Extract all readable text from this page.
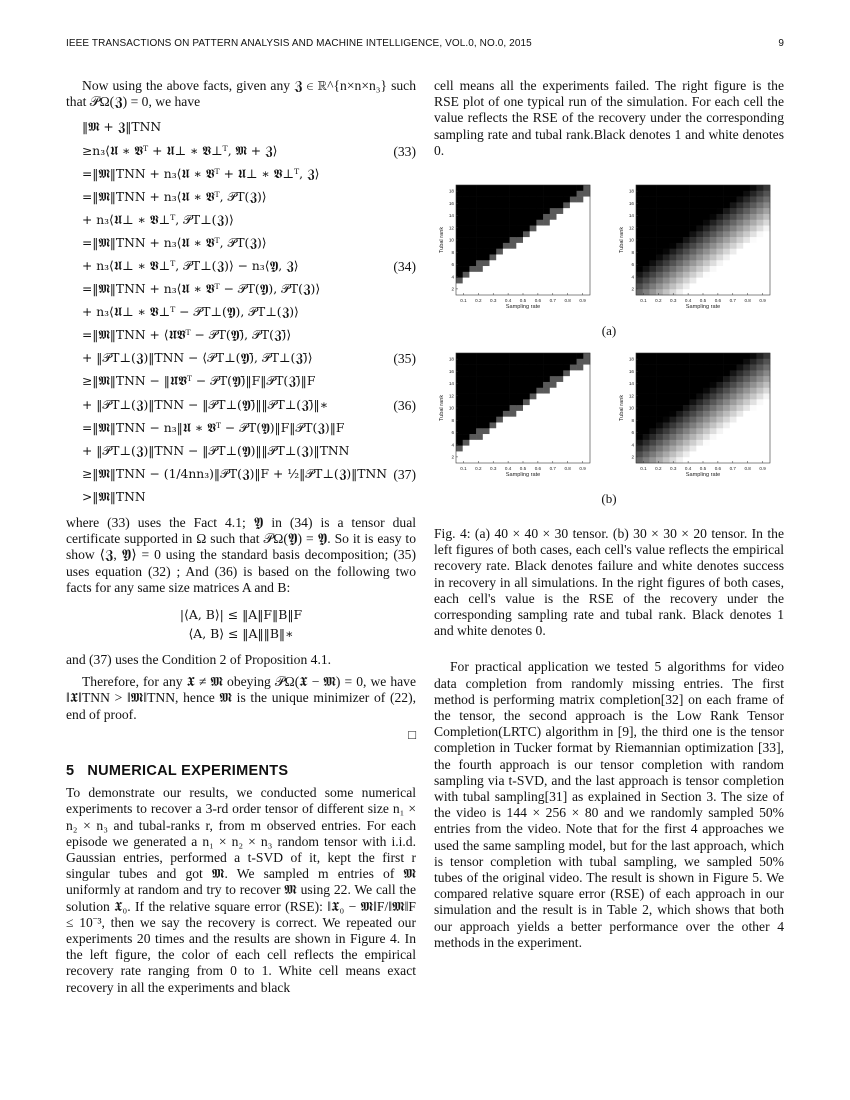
IEEE TRANSACTIONS ON PATTERN ANALYSIS AND MACHINE INTELLIGENCE, VOL.0, NO.0, 2015	9

Now using the above facts, given any 𝖅 ∈ ℝ^{n×n×n₃} such that 𝒫Ω(𝖅) = 0, we have

‖𝕸 + 𝖅‖TNN
≥n₃⟨𝖀 ∗ 𝖁ᵀ + 𝖀⊥ ∗ 𝖁⊥ᵀ, 𝕸 + 𝖅⟩	(33)
=‖𝕸‖TNN + n₃⟨𝖀 ∗ 𝖁ᵀ + 𝖀⊥ ∗ 𝖁⊥ᵀ, 𝖅⟩
=‖𝕸‖TNN + n₃⟨𝖀 ∗ 𝖁ᵀ, 𝒫T(𝖅)⟩
+ n₃⟨𝖀⊥ ∗ 𝖁⊥ᵀ, 𝒫T⊥(𝖅)⟩
=‖𝕸‖TNN + n₃⟨𝖀 ∗ 𝖁ᵀ, 𝒫T(𝖅)⟩
+ n₃⟨𝖀⊥ ∗ 𝖁⊥ᵀ, 𝒫T⊥(𝖅)⟩ − n₃⟨𝖄, 𝖅⟩	(34)
=‖𝕸‖TNN + n₃⟨𝖀 ∗ 𝖁ᵀ − 𝒫T(𝖄), 𝒫T(𝖅)⟩
+ n₃⟨𝖀⊥ ∗ 𝖁⊥ᵀ − 𝒫T⊥(𝖄), 𝒫T⊥(𝖅)⟩
=‖𝕸‖TNN + ⟨𝖀̄𝖁̄ᵀ − 𝒫T(𝖄)̄, 𝒫T(𝖅)̄⟩
+ ‖𝒫T⊥(𝖅)‖TNN − ⟨𝒫T⊥(𝖄)̄, 𝒫T⊥(𝖅)̄⟩	(35)
≥‖𝕸‖TNN − ‖𝖀̄𝖁̄ᵀ − 𝒫T(𝖄)̄‖F‖𝒫T(𝖅)̄‖F
+ ‖𝒫T⊥(𝖅)‖TNN − ‖𝒫T⊥(𝖄)̄‖‖𝒫T⊥(𝖅)̄‖∗	(36)
=‖𝕸‖TNN − n₃‖𝖀 ∗ 𝖁ᵀ − 𝒫T(𝖄)‖F‖𝒫T(𝖅)‖F
+ ‖𝒫T⊥(𝖅)‖TNN − ‖𝒫T⊥(𝖄)‖‖𝒫T⊥(𝖅)‖TNN
≥‖𝕸‖TNN − (1/4nn₃)‖𝒫T(𝖅)‖F + ½‖𝒫T⊥(𝖅)‖TNN (37)
>‖𝕸‖TNN

where (33) uses the Fact 4.1; 𝖄 in (34) is a tensor dual certificate supported in Ω such that 𝒫Ω(𝖄) = 𝖄. So it is easy to show ⟨𝖅, 𝖄⟩ = 0 using the standard basis decomposition; (35) uses equation (32) ; And (36) is based on the following two facts for any same size matrices A and B:

|⟨A, B⟩| ≤ ‖A‖F‖B‖F
⟨A, B⟩ ≤ ‖A‖‖B‖∗

and (37) uses the Condition 2 of Proposition 4.1.

Therefore, for any 𝖃 ≠ 𝕸 obeying 𝒫Ω(𝖃 − 𝕸) = 0, we have ‖𝖃‖TNN > ‖𝕸‖TNN, hence 𝕸 is the unique minimizer of (22), end of proof.

□
5 NUMERICAL EXPERIMENTS

To demonstrate our results, we conducted some numerical experiments to recover a 3-rd order tensor of different size n₁ × n₂ × n₃ and tubal-ranks r, from m observed entries. For each episode we generated a n₁ × n₂ × n₃ random tensor with i.i.d. Gaussian entries, performed a t-SVD of it, kept the first r singular tubes and got 𝕸. We sampled m entries of 𝕸 uniformly at random and try to recover 𝕸 using 22. We call the solution 𝖃₀. If the relative square error (RSE): ‖𝖃₀ − 𝕸‖F/‖𝕸‖F ≤ 10⁻³, then we say the recovery is correct. We repeated our experiments 20 times and the results are shown in Figure 4. In the left figure, the color of each cell reflects the empirical recovery rate ranging from 0 to 1. White cell means exact recovery in all the experiments and black

cell means all the experiments failed. The right figure is the RSE plot of one typical run of the simulation. For each cell the value reflects the RSE of the recovery under the corresponding sampling rate and tubal rank.Black denotes 1 and white denotes 0.

0.1 0.2 0.3 0.4 0.5 0.6 0.7 0.8 0.9
2
4
6
8
10
12
14
16
18
Sampling rate
Tubal rank
0.1 0.2 0.3 0.4 0.5 0.6 0.7 0.8 0.9
2
4
6
8
10
12
14
16
18
Sampling rate
Tubal rank
(a)
0.1 0.2 0.3 0.4 0.5 0.6 0.7 0.8 0.9
2
4
6
8
10
12
14
16
18
Sampling rate
Tubal rank
0.1 0.2 0.3 0.4 0.5 0.6 0.7 0.8 0.9
2
4
6
8
10
12
14
16
18
Sampling rate
Tubal rank
(b)

Fig. 4: (a) 40 × 40 × 30 tensor. (b) 30 × 30 × 20 tensor. In the left figures of both cases, each cell's value reflects the empirical recovery rate. Black denotes failure and white denotes success in recovery in all simulations. In the right figures of both cases, each cell's value is the RSE of the recovery under the corresponding sampling rate and tubal rank. Black denotes 1 and white denotes 0.

For practical application we tested 5 algorithms for video data completion from randomly missing entries. The first method is performing matrix completion[32] on each frame of the tensor, the second approach is the Low Rank Tensor Completion(LRTC) algorithm in [9], the third one is the tensor completion in Tucker format by Riemannian optimization [33], the fourth approach is our tensor completion with random sampling via t-SVD, and the last approach is tensor completion with tubal sampling[31] as explained in Section 3. The size of the video is 144 × 256 × 80 and we randomly sampled 50% entries from the video. Note that for the first 4 approaches we used the same sampling model, but for the last approach, which is tensor completion with tubal sampling, we sampled 50% tubes of the original video. The result is shown in Figure 5. We compared relative square error (RSE) of each approach in our simulation and the result is in Table 2, which shows that both our approach yields a better performance over the other 4 methods in the experiment.
